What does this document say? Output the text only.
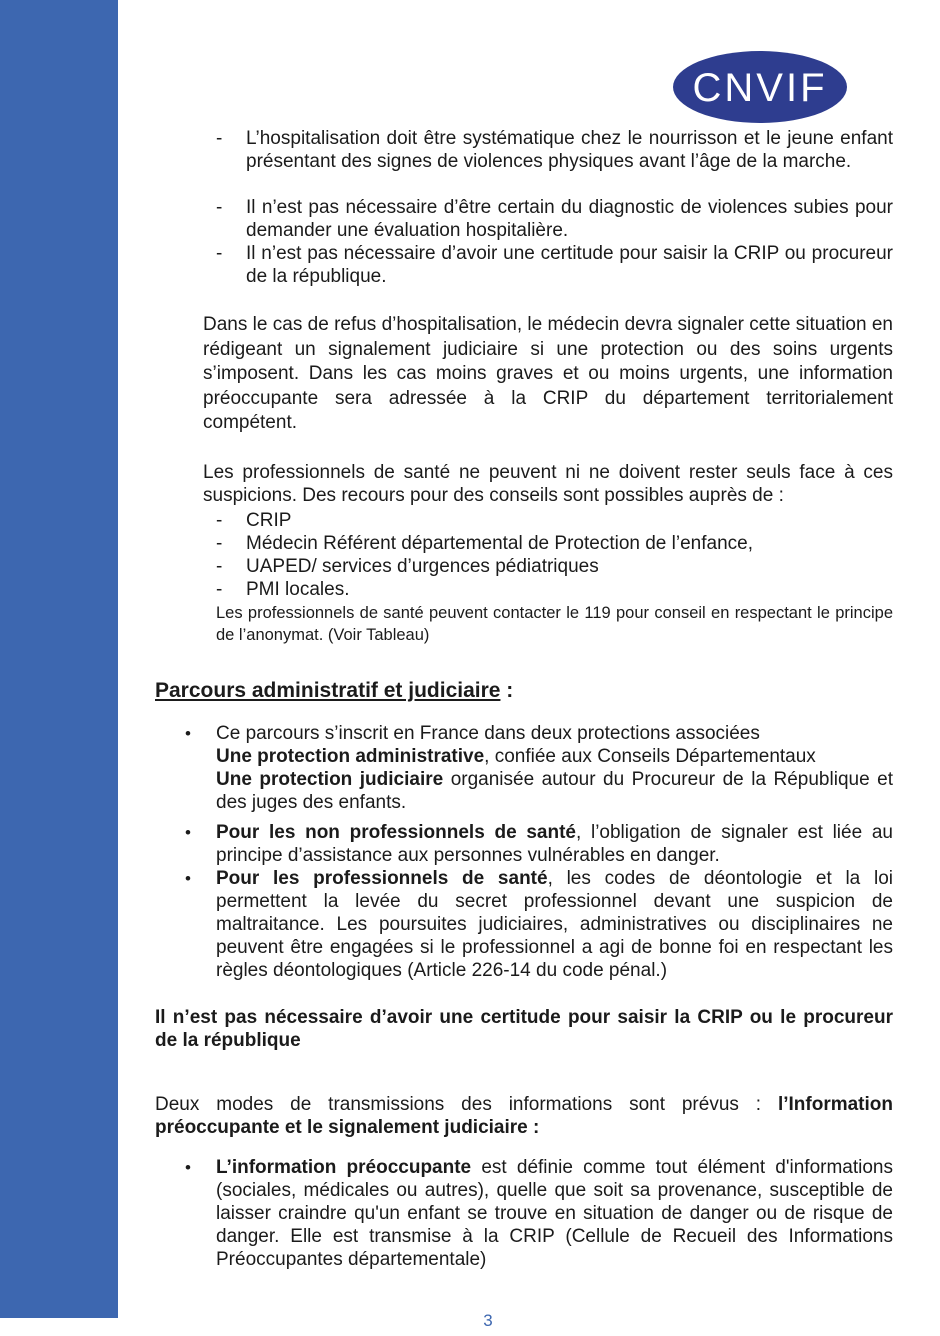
CNVIF
- L’hospitalisation doit être systématique chez le nourrisson et le jeune enfant présentant des signes de violences physiques avant l’âge de la marche.
- Il n’est pas nécessaire d’être certain du diagnostic de violences subies pour demander une évaluation hospitalière.
- Il n’est pas nécessaire d’avoir une certitude pour saisir la CRIP ou procureur de la république.

Dans le cas de refus d’hospitalisation, le médecin devra signaler cette situation en rédigeant un signalement judiciaire si une protection ou des soins urgents s’imposent. Dans les cas moins graves et ou moins urgents, une information préoccupante sera adressée à la CRIP du département territorialement compétent.

Les professionnels de santé ne peuvent ni ne doivent rester seuls face à ces suspicions. Des recours pour des conseils sont possibles auprès de :

- CRIP
- Médecin Référent départemental de Protection de l’enfance,
- UAPED/ services d’urgences pédiatriques
- PMI locales.

Les professionnels de santé peuvent contacter le 119 pour conseil en respectant le principe de l’anonymat. (Voir Tableau)

Parcours administratif et judiciaire :
• Ce parcours s’inscrit en France dans deux protections associées
Une protection administrative, confiée aux Conseils Départementaux
Une protection judiciaire organisée autour du Procureur de la République et des juges des enfants.
• Pour les non professionnels de santé, l’obligation de signaler est liée au principe d’assistance aux personnes vulnérables en danger.
• Pour les professionnels de santé, les codes de déontologie et la loi permettent la levée du secret professionnel devant une suspicion de maltraitance. Les poursuites judiciaires, administratives ou disciplinaires ne peuvent être engagées si le professionnel a agi de bonne foi en respectant les règles déontologiques (Article 226-14 du code pénal.)

Il n’est pas nécessaire d’avoir une certitude pour saisir la CRIP ou le procureur de la république

Deux modes de transmissions des informations sont prévus : l’Information préoccupante et le signalement judiciaire :

• L’information préoccupante est définie comme tout élément d'informations (sociales, médicales ou autres), quelle que soit sa provenance, susceptible de laisser craindre qu'un enfant se trouve en situation de danger ou de risque de danger. Elle est transmise à la CRIP (Cellule de Recueil des Informations Préoccupantes départementale)
3
